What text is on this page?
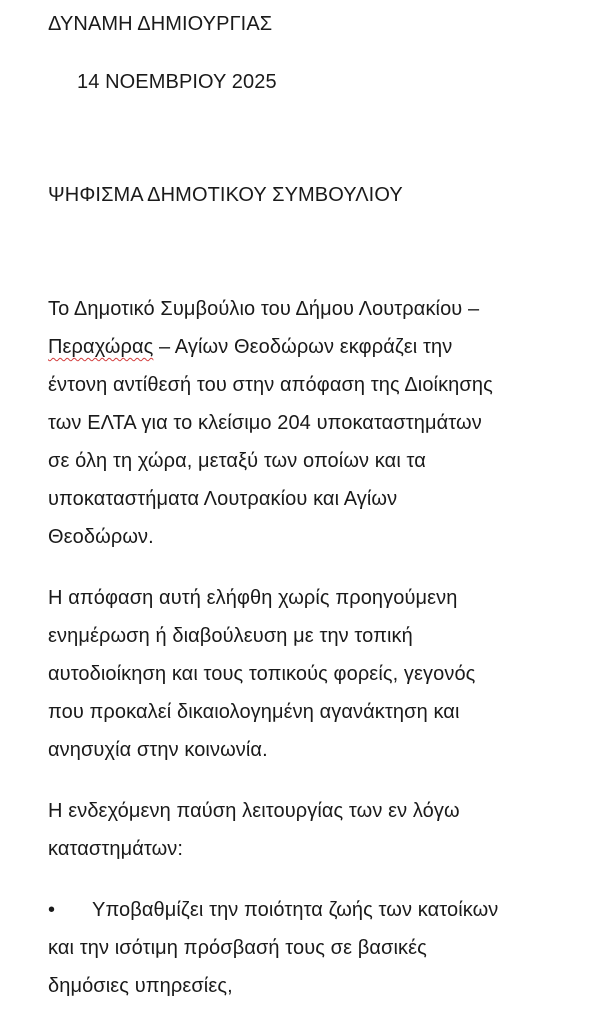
ΔΥΝΑΜΗ ΔΗΜΙΟΥΡΓΙΑΣ
14 ΝΟΕΜΒΡΙΟΥ 2025
ΨΗΦΙΣΜΑ ΔΗΜΟΤΙΚΟΥ ΣΥΜΒΟΥΛΙΟΥ
Το Δημοτικό Συμβούλιο του Δήμου Λουτρακίου –
Περαχώρας – Αγίων Θεοδώρων εκφράζει την
έντονη αντίθεσή του στην απόφαση της Διοίκησης
των ΕΛΤΑ για το κλείσιμο 204 υποκαταστημάτων
σε όλη τη χώρα, μεταξύ των οποίων και τα
υποκαταστήματα Λουτρακίου και Αγίων
Θεοδώρων.
Η απόφαση αυτή ελήφθη χωρίς προηγούμενη
ενημέρωση ή διαβούλευση με την τοπική
αυτοδιοίκηση και τους τοπικούς φορείς, γεγονός
που προκαλεί δικαιολογημένη αγανάκτηση και
ανησυχία στην κοινωνία.
Η ενδεχόμενη παύση λειτουργίας των εν λόγω
καταστημάτων:
• Υποβαθμίζει την ποιότητα ζωής των κατοίκων
και την ισότιμη πρόσβασή τους σε βασικές
δημόσιες υπηρεσίες,
